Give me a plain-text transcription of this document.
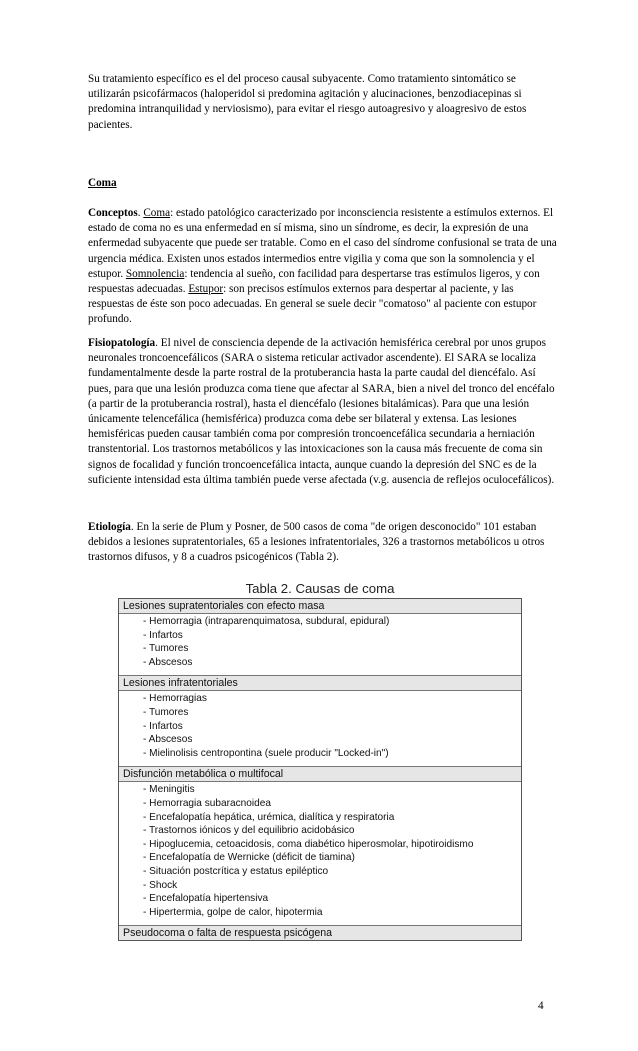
Su tratamiento específico es el del proceso causal subyacente. Como tratamiento sintomático se utilizarán psicofármacos (haloperidol si predomina agitación y alucinaciones, benzodiacepinas si predomina intranquilidad y nerviosismo), para evitar el riesgo autoagresivo y aloagresivo de estos pacientes.

Coma

Conceptos. Coma: estado patológico caracterizado por inconsciencia resistente a estímulos externos. El estado de coma no es una enfermedad en sí misma, sino un síndrome, es decir, la expresión de una enfermedad subyacente que puede ser tratable. Como en el caso del síndrome confusional se trata de una urgencia médica. Existen unos estados intermedios entre vigilia y coma que son la somnolencia y el estupor. Somnolencia: tendencia al sueño, con facilidad para despertarse tras estímulos ligeros, y con respuestas adecuadas. Estupor: son precisos estímulos externos para despertar al paciente, y las respuestas de éste son poco adecuadas. En general se suele decir "comatoso" al paciente con estupor profundo.

Fisiopatología. El nivel de consciencia depende de la activación hemisférica cerebral por unos grupos neuronales troncoencefálicos (SARA o sistema reticular activador ascendente). El SARA se localiza fundamentalmente desde la parte rostral de la protuberancia hasta la parte caudal del diencéfalo. Así pues, para que una lesión produzca coma tiene que afectar al SARA, bien a nivel del tronco del encéfalo (a partir de la protuberancia rostral), hasta el diencéfalo (lesiones bitalámicas). Para que una lesión únicamente telencefálica (hemisférica) produzca coma debe ser bilateral y extensa. Las lesiones hemisféricas pueden causar también coma por compresión troncoencefálica secundaria a herniación transtentorial. Los trastornos metabólicos y las intoxicaciones son la causa más frecuente de coma sin signos de focalidad y función troncoencefálica intacta, aunque cuando la depresión del SNC es de la suficiente intensidad esta última también puede verse afectada (v.g. ausencia de reflejos oculocefálicos).

Etiología. En la serie de Plum y Posner, de 500 casos de coma "de origen desconocido" 101 estaban debidos a lesiones supratentoriales, 65 a lesiones infratentoriales, 326 a trastornos metabólicos u otros trastornos difusos, y 8 a cuadros psicogénicos (Tabla 2).

Tabla 2. Causas de coma
Lesiones supratentoriales con efecto masa
- Hemorragia (intraparenquimatosa, subdural, epidural)
- Infartos
- Tumores
- Abscesos
Lesiones infratentoriales
- Hemorragias
- Tumores
- Infartos
- Abscesos
- Mielinolisis centropontina (suele producir "Locked-in")
Disfunción metabólica o multifocal
- Meningitis
- Hemorragia subaracnoidea
- Encefalopatía hepática, urémica, dialítica y respiratoria
- Trastornos iónicos y del equilibrio acidobásico
- Hipoglucemia, cetoacidosis, coma diabético hiperosmolar, hipotiroidismo
- Encefalopatía de Wernicke (déficit de tiamina)
- Situación postcrítica y estatus epiléptico
- Shock
- Encefalopatía hipertensiva
- Hipertermia, golpe de calor, hipotermia
Pseudocoma o falta de respuesta psicógena
4
